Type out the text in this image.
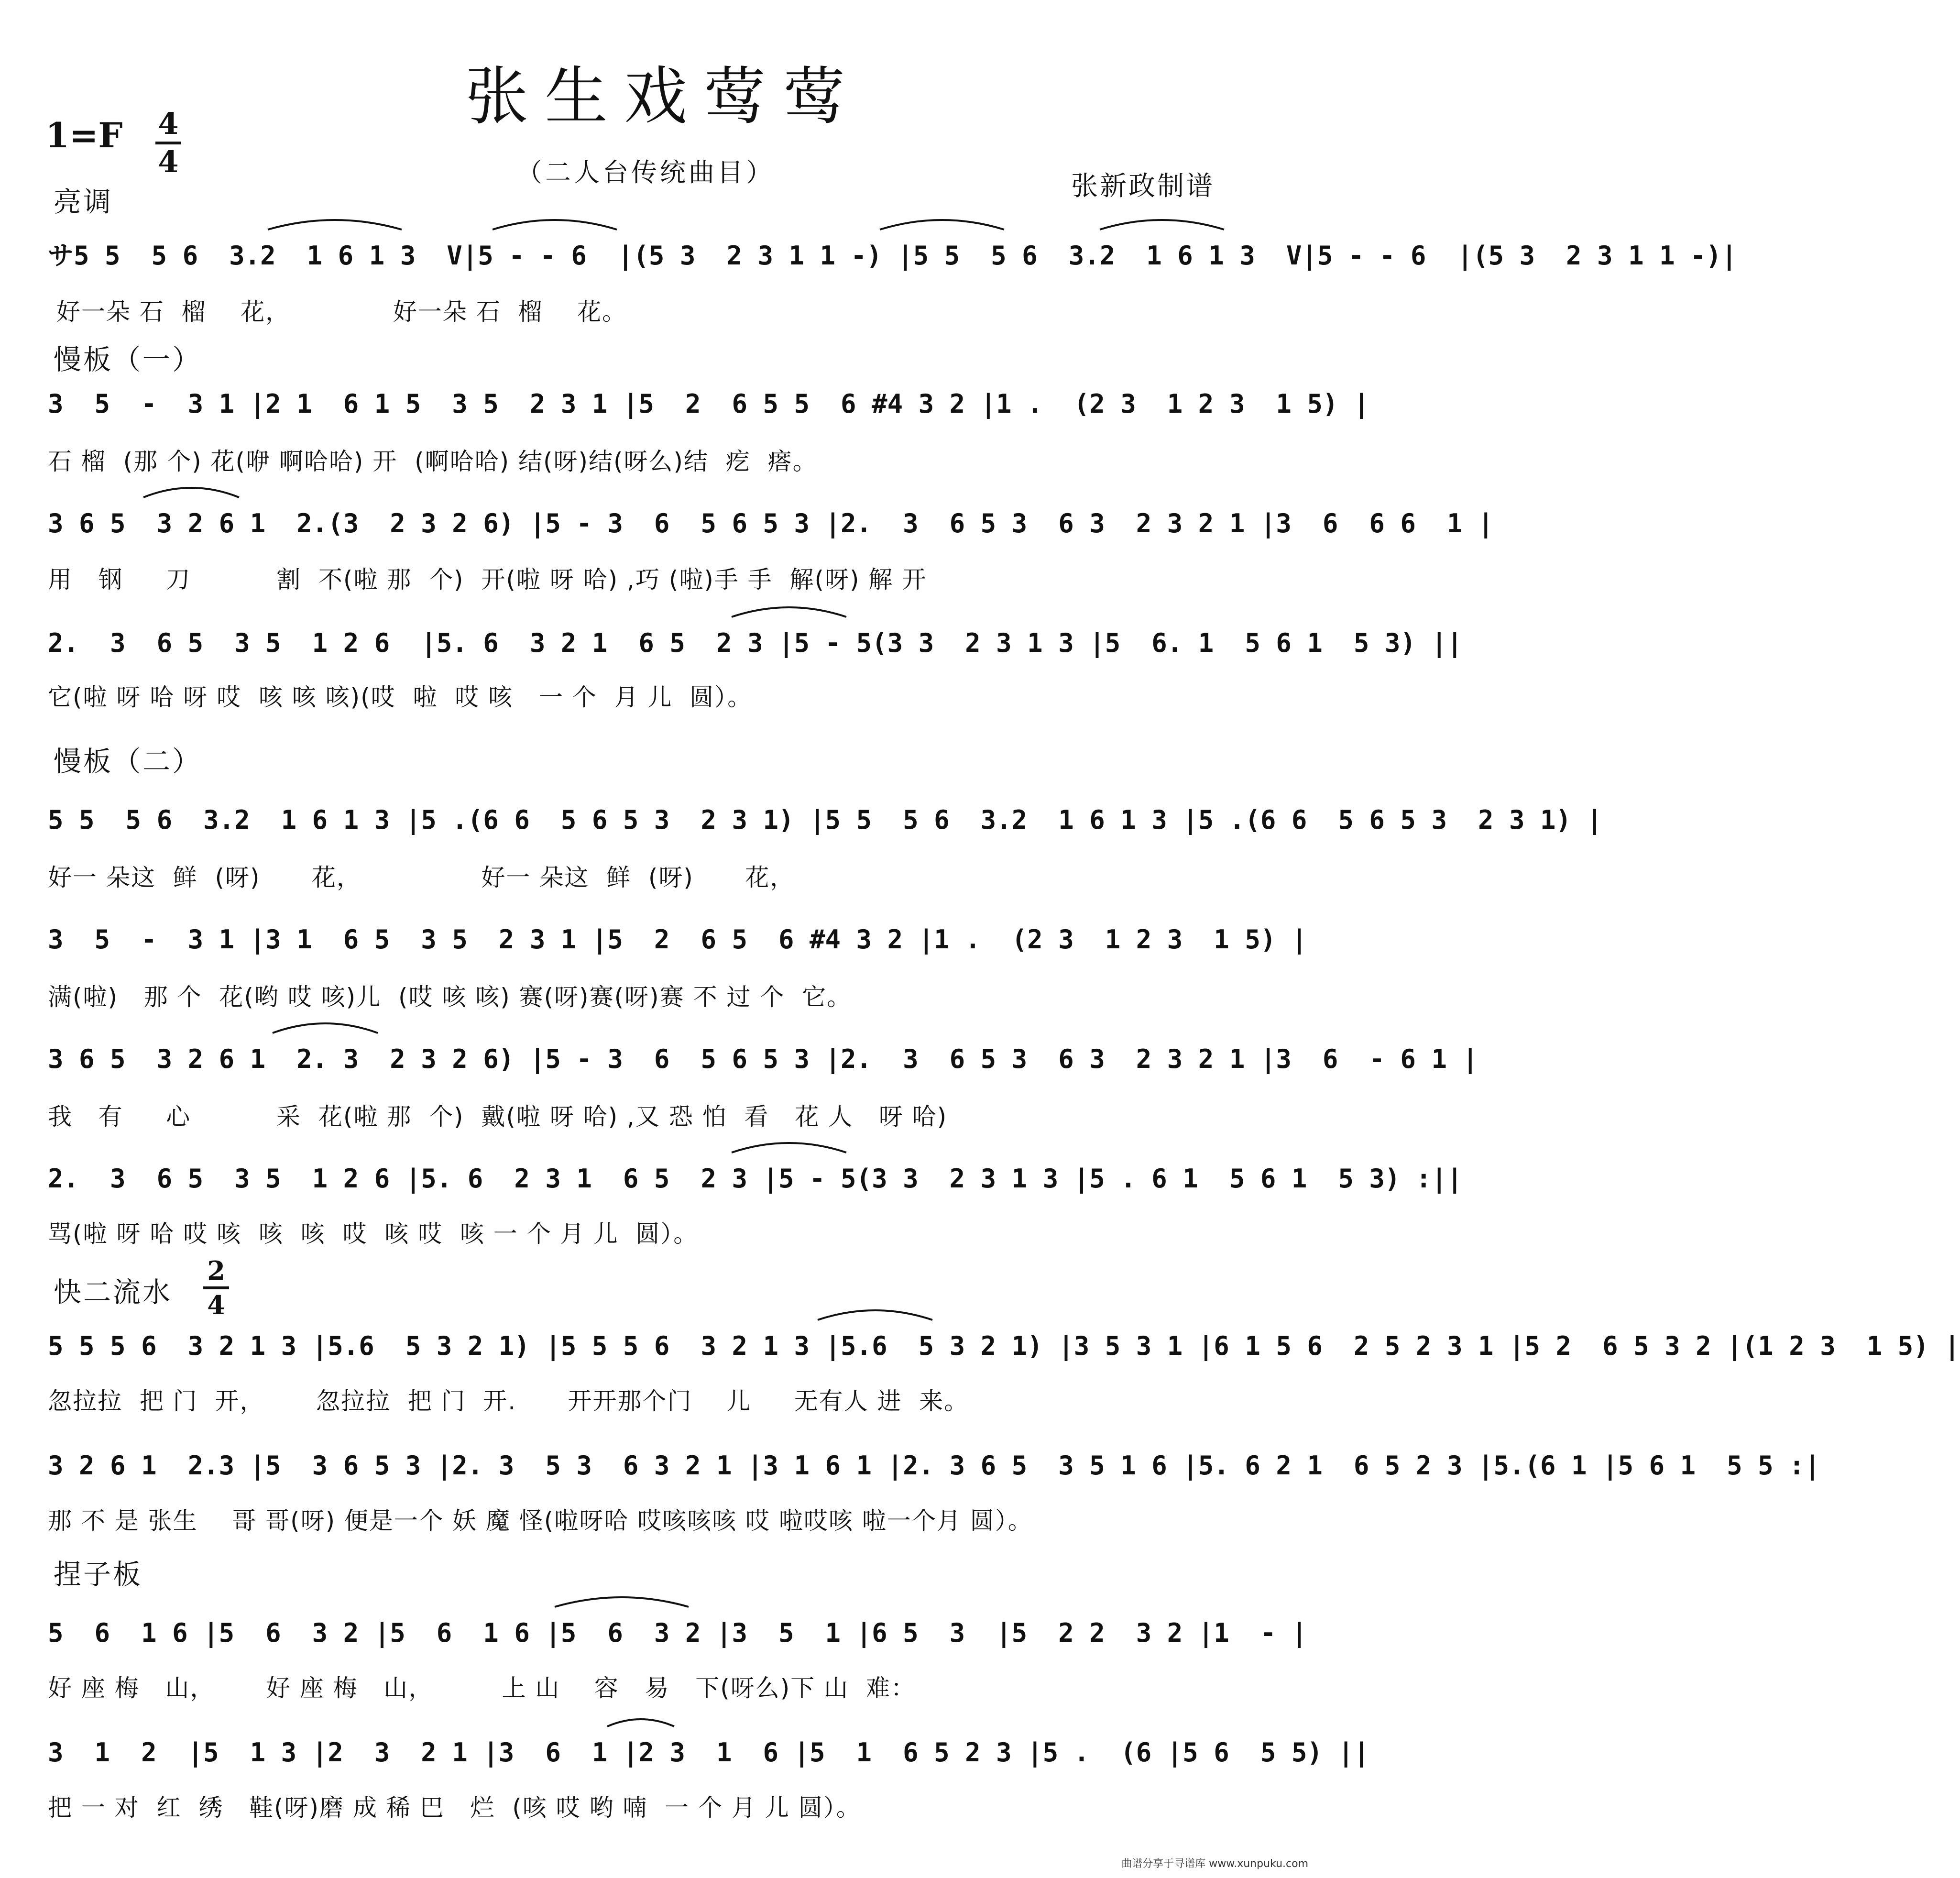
张生戏莺莺
1=F 4
4	（二人台传统曲目）	张新政制谱
亮调
サ5 5  5 6  3.2  1 6 1 3  V|5 - - 6  |(5 3  2 3 1 1 -) |5 5  5 6  3.2  1 6 1 3  V|5 - - 6  |(5 3  2 3 1 1 -)|
好一朵 石  榴    花，            好一朵 石  榴    花。
慢板（一）
3  5  -  3 1 |2 1  6 1 5  3 5  2 3 1 |5  2  6 5 5  6 #4 3 2 |1 .  (2 3  1 2 3  1 5) |
石 榴  (那 个) 花(咿 啊哈哈) 开  (啊哈哈) 结(呀)结(呀么)结  疙  瘩。
3 6 5  3 2 6 1  2.(3  2 3 2 6) |5 - 3  6  5 6 5 3 |2.  3  6 5 3  6 3  2 3 2 1 |3  6  6 6  1 |
用   钢     刀          割  不(啦 那  个)  开(啦 呀 哈) ,巧 (啦)手 手  解(呀) 解 开
2.  3  6 5  3 5  1 2 6  |5. 6  3 2 1  6 5  2 3 |5 - 5(3 3  2 3 1 3 |5  6. 1  5 6 1  5 3) ||
它(啦 呀 哈 呀 哎  咳 咳 咳)(哎  啦  哎 咳   一 个  月 儿  圆）。
慢板（二）
5 5  5 6  3.2  1 6 1 3 |5 .(6 6  5 6 5 3  2 3 1) |5 5  5 6  3.2  1 6 1 3 |5 .(6 6  5 6 5 3  2 3 1) |
好一 朵这  鲜  (呀)      花，              好一 朵这  鲜  (呀)      花，
3  5  -  3 1 |3 1  6 5  3 5  2 3 1 |5  2  6 5  6 #4 3 2 |1 .  (2 3  1 2 3  1 5) |
满(啦)   那 个  花(哟 哎 咳)儿  (哎 咳 咳) 赛(呀)赛(呀)赛 不 过 个  它。
3 6 5  3 2 6 1  2. 3  2 3 2 6) |5 - 3  6  5 6 5 3 |2.  3  6 5 3  6 3  2 3 2 1 |3  6  - 6 1 |
我   有     心          采  花(啦 那  个)  戴(啦 呀 哈) ,又 恐 怕  看   花 人   呀 哈)
2.  3  6 5  3 5  1 2 6 |5. 6  2 3 1  6 5  2 3 |5 - 5(3 3  2 3 1 3 |5 . 6 1  5 6 1  5 3) :||
骂(啦 呀 哈 哎 咳  咳  咳  哎  咳 哎  咳 一 个 月 儿  圆）。
快二流水
2
4
5 5 5 6  3 2 1 3 |5.6  5 3 2 1) |5 5 5 6  3 2 1 3 |5.6  5 3 2 1) |3 5 3 1 |6 1 5 6  2 5 2 3 1 |5 2  6 5 3 2 |(1 2 3  1 5) |
忽拉拉  把 门  开，      忽拉拉  把 门  开.      开开那个门    儿     无有人 进  来。
3 2 6 1  2.3 |5  3 6 5 3 |2. 3  5 3  6 3 2 1 |3 1 6 1 |2. 3 6 5  3 5 1 6 |5. 6 2 1  6 5 2 3 |5.(6 1 |5 6 1  5 5 :|
那 不 是 张生    哥 哥(呀) 便是一个 妖 魔 怪(啦呀哈 哎咳咳咳 哎 啦哎咳 啦一个月 圆）。
捏子板
5  6  1 6 |5  6  3 2 |5  6  1 6 |5  6  3 2 |3  5  1 |6 5  3  |5  2 2  3 2 |1  - |
好 座 梅   山，      好 座 梅   山，        上 山    容   易   下(呀么)下 山  难：
3  1  2  |5  1 3 |2  3  2 1 |3  6  1 |2 3  1  6 |5  1  6 5 2 3 |5 .  (6 |5 6  5 5) ||
把 一 对  红  绣   鞋(呀)磨 成 稀 巴   烂  (咳 哎 哟 喃  一 个 月 儿 圆）。
曲谱分享于寻谱库 www.xunpuku.com
